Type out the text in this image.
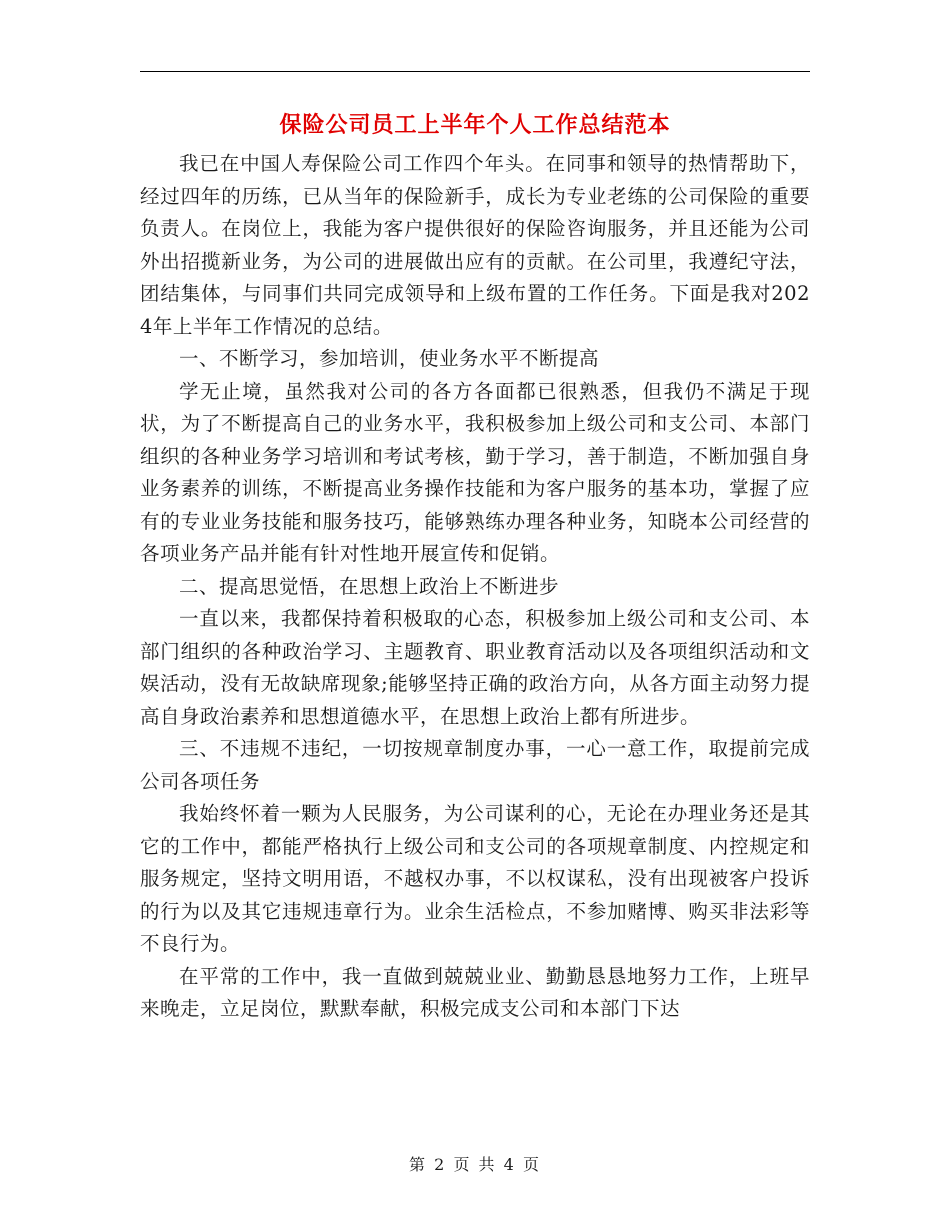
保险公司员工上半年个人工作总结范本

我已在中国人寿保险公司工作四个年头。在同事和领导的热情帮助下，经过四年的历练，已从当年的保险新手，成长为专业老练的公司保险的重要负责人。在岗位上，我能为客户提供很好的保险咨询服务，并且还能为公司外出招揽新业务，为公司的进展做出应有的贡献。在公司里，我遵纪守法，团结集体，与同事们共同完成领导和上级布置的工作任务。下面是我对2024年上半年工作情况的总结。

一、不断学习，参加培训，使业务水平不断提高

学无止境，虽然我对公司的各方各面都已很熟悉，但我仍不满足于现状，为了不断提高自己的业务水平，我积极参加上级公司和支公司、本部门组织的各种业务学习培训和考试考核，勤于学习，善于制造，不断加强自身业务素养的训练，不断提高业务操作技能和为客户服务的基本功，掌握了应有的专业业务技能和服务技巧，能够熟练办理各种业务，知晓本公司经营的各项业务产品并能有针对性地开展宣传和促销。

二、提高思觉悟，在思想上政治上不断进步

一直以来，我都保持着积极取的心态，积极参加上级公司和支公司、本部门组织的各种政治学习、主题教育、职业教育活动以及各项组织活动和文娱活动，没有无故缺席现象;能够坚持正确的政治方向，从各方面主动努力提高自身政治素养和思想道德水平，在思想上政治上都有所进步。

三、不违规不违纪，一切按规章制度办事，一心一意工作，取提前完成公司各项任务

我始终怀着一颗为人民服务，为公司谋利的心，无论在办理业务还是其它的工作中，都能严格执行上级公司和支公司的各项规章制度、内控规定和服务规定，坚持文明用语，不越权办事，不以权谋私，没有出现被客户投诉的行为以及其它违规违章行为。业余生活检点，不参加赌博、购买非法彩等不良行为。

在平常的工作中，我一直做到兢兢业业、勤勤恳恳地努力工作，上班早来晚走，立足岗位，默默奉献，积极完成支公司和本部门下达

第 2 页 共 4 页
